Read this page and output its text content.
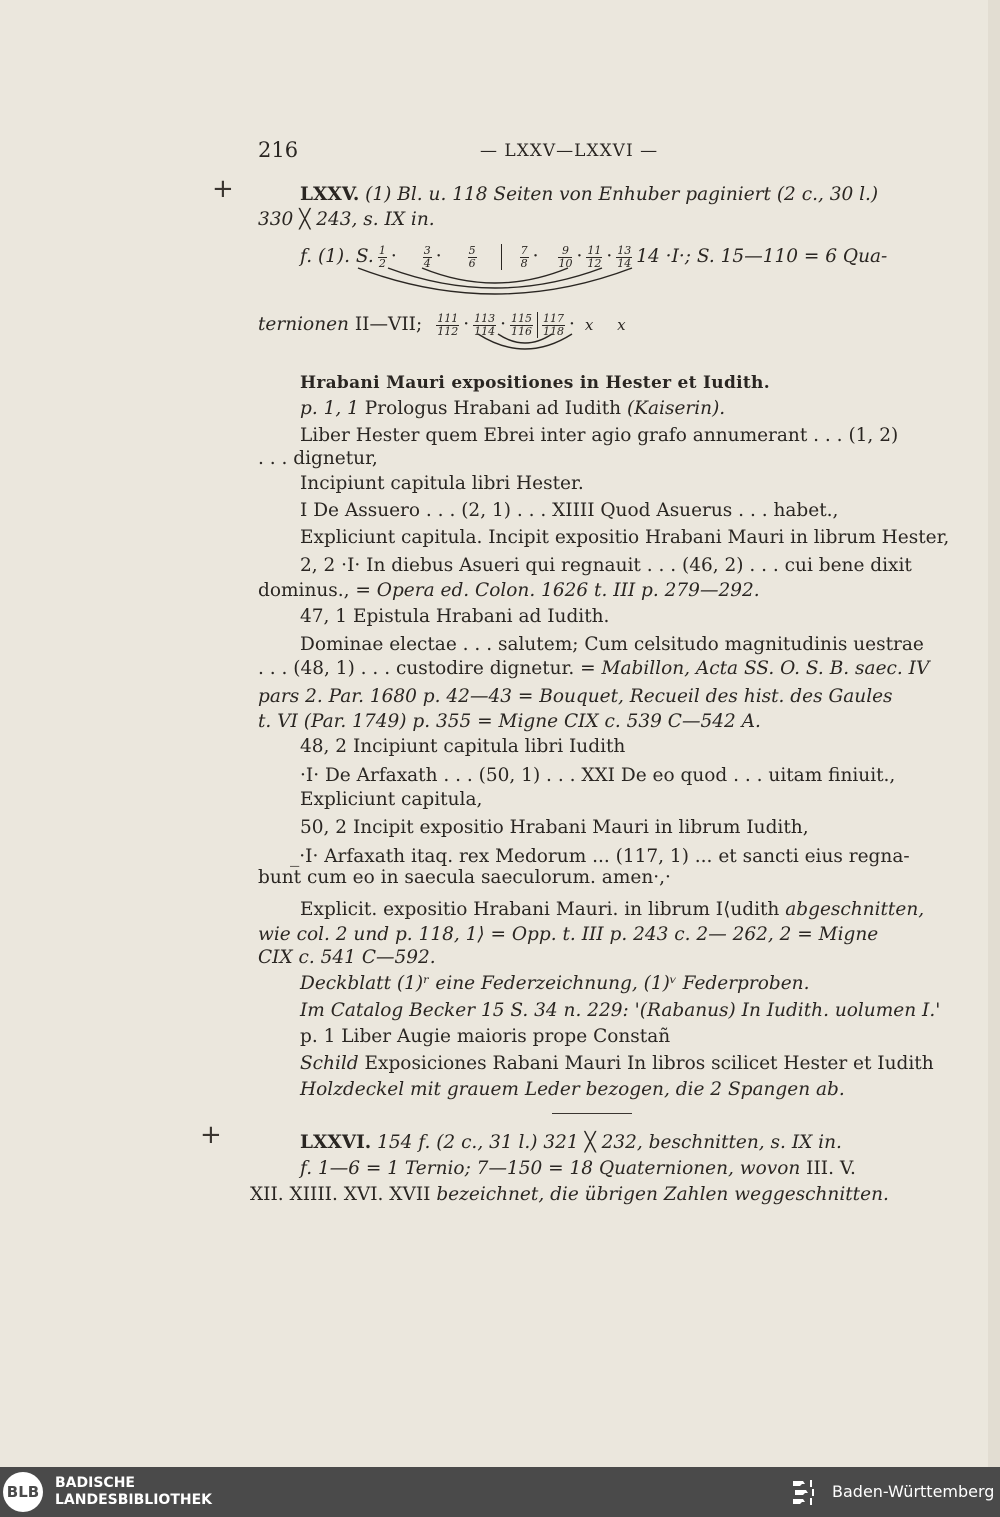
216	— LXXV—LXXVI —
+
+
LXXV. (1) Bl. u. 118 Seiten von Enhuber paginiert (2 c., 30 l.)
330 ╳ 243, s. IX in.
f. (1). S. $\frac{1}{2} \cdot \frac{3}{4} \cdot \frac{5}{6}$	$\frac{7}{8} \cdot \frac{9}{10} \cdot \frac{11}{12} \cdot \frac{13}{14} 14 \cdot I\cdot$; S. 15—110 = 6 Qua-
ternionen II—VII; $\frac{111}{112} \cdot \frac{113}{114} \cdot \frac{115}{116} \frac{117}{118} \cdot x$     x
Hrabani Mauri expositiones in Hester et Iudith.
p. 1, 1 Prologus Hrabani ad Iudith (Kaiserin).
Liber Hester quem Ebrei inter agio grafo annumerant . . . (1, 2)
. . . dignetur,
Incipiunt capitula libri Hester.
I De Assuero . . . (2, 1) . . . XIIII Quod Asuerus . . . habet.,
Expliciunt capitula. Incipit expositio Hrabani Mauri in librum Hester,
2, 2 ·I· In diebus Asueri qui regnauit . . . (46, 2) . . . cui bene dixit
dominus., = Opera ed. Colon. 1626 t. III p. 279—292.
47, 1 Epistula Hrabani ad Iudith.
Dominae electae . . . salutem; Cum celsitudo magnitudinis uestrae
. . . (48, 1) . . . custodire dignetur. = Mabillon, Acta SS. O. S. B. saec. IV
pars 2. Par. 1680 p. 42—43 = Bouquet, Recueil des hist. des Gaules
t. VI (Par. 1749) p. 355 = Migne CIX c. 539 C—542 A.
48, 2 Incipiunt capitula libri Iudith
·I· De Arfaxath . . . (50, 1) . . . XXI De eo quod . . . uitam finiuit.,
Expliciunt capitula,
50, 2 Incipit expositio Hrabani Mauri in librum Iudith,
_·I· Arfaxath itaq. rex Medorum ... (117, 1) ... et sancti eius regna-
bunt cum eo in saecula saeculorum. amen·,·
Explicit. expositio Hrabani Mauri. in librum I⟨udith abgeschnitten,
wie col. 2 und p. 118, 1⟩ = Opp. t. III p. 243 c. 2— 262, 2 = Migne
CIX c. 541 C—592.
Deckblatt (1)ʳ eine Federzeichnung, (1)ᵛ Federproben.
Im Catalog Becker 15 S. 34 n. 229: '(Rabanus) In Iudith. uolumen I.'
p. 1 Liber Augie maioris prope Constañ
Schild Exposiciones Rabani Mauri In libros scilicet Hester et Iudith
Holzdeckel mit grauem Leder bezogen, die 2 Spangen ab.
LXXVI. 154 f. (2 c., 31 l.) 321 ╳ 232, beschnitten, s. IX in.
f. 1—6 = 1 Ternio; 7—150 = 18 Quaternionen, wovon III. V.
XII. XIIII. XVI. XVII bezeichnet, die übrigen Zahlen weggeschnitten.
BLB BADISCHE
LANDESBIBLIOTHEK	Baden-Württemberg
